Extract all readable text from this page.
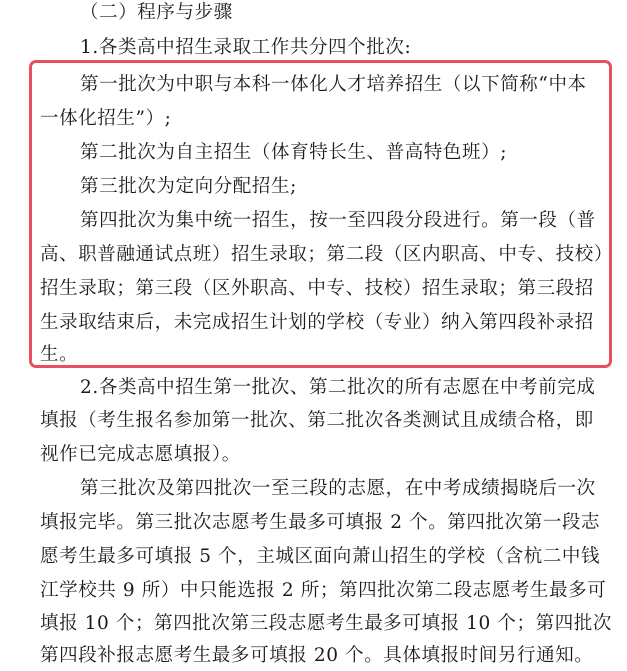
（二）程序与步骤
1.各类高中招生录取工作共分四个批次:
第一批次为中职与本科一体化人才培养招生（以下简称“中本
一体化招生”）;
第二批次为自主招生（体育特长生、普高特色班）;
第三批次为定向分配招生;
第四批次为集中统一招生，按一至四段分段进行。第一段（普
高、职普融通试点班）招生录取；第二段（区内职高、中专、技校）
招生录取；第三段（区外职高、中专、技校）招生录取；第三段招
生录取结束后，未完成招生计划的学校（专业）纳入第四段补录招
生。
2.各类高中招生第一批次、第二批次的所有志愿在中考前完成
填报（考生报名参加第一批次、第二批次各类测试且成绩合格，即
视作已完成志愿填报）。
第三批次及第四批次一至三段的志愿，在中考成绩揭晓后一次
填报完毕。第三批次志愿考生最多可填报 2 个。第四批次第一段志
愿考生最多可填报 5 个，主城区面向萧山招生的学校（含杭二中钱
江学校共 9 所）中只能选报 2 所；第四批次第二段志愿考生最多可
填报 10 个；第四批次第三段志愿考生最多可填报 10 个；第四批次
第四段补报志愿考生最多可填报 20 个。具体填报时间另行通知。
